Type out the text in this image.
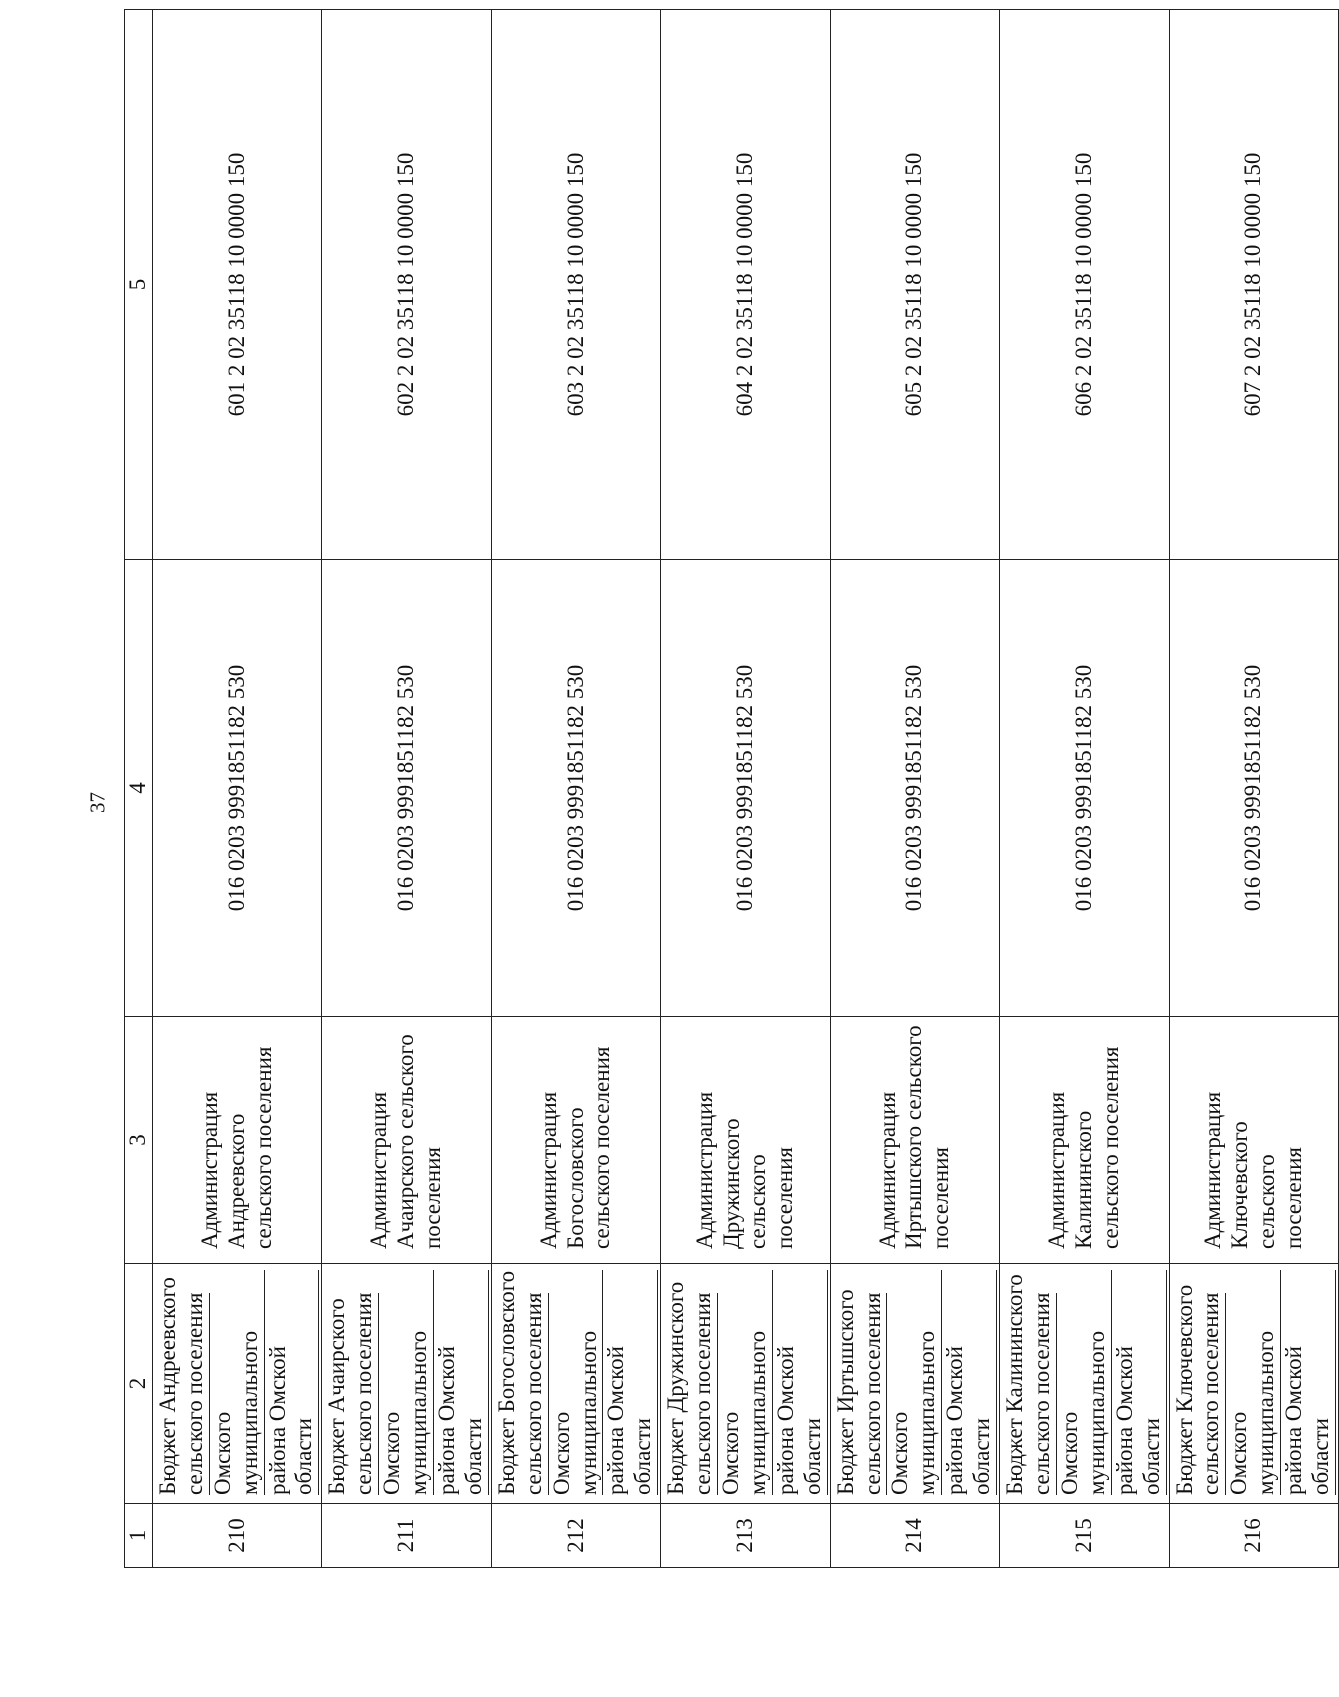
37
1	2	3	4	5
210	Бюджет Андреевского сельского поселения Омского муниципального района Омской области	Администрация Андреевского сельского поселения	016 0203 9991851182 530	601 2 02 35118 10 0000 150
211	Бюджет Ачаирского сельского поселения Омского муниципального района Омской области	Администрация Ачаирского сельского поселения	016 0203 9991851182 530	602 2 02 35118 10 0000 150
212	Бюджет Богословского сельского поселения Омского муниципального района Омской области	Администрация Богословского сельского поселения	016 0203 9991851182 530	603 2 02 35118 10 0000 150
213	Бюджет Дружинского сельского поселения Омского муниципального района Омской области	Администрация Дружинского сельского поселения	016 0203 9991851182 530	604 2 02 35118 10 0000 150
214	Бюджет Иртышского сельского поселения Омского муниципального района Омской области	Администрация Иртышского сельского поселения	016 0203 9991851182 530	605 2 02 35118 10 0000 150
215	Бюджет Калининского сельского поселения Омского муниципального района Омской области	Администрация Калининского сельского поселения	016 0203 9991851182 530	606 2 02 35118 10 0000 150
216	Бюджет Ключевского сельского поселения Омского муниципального района Омской области	Администрация Ключевского сельского поселения	016 0203 9991851182 530	607 2 02 35118 10 0000 150
